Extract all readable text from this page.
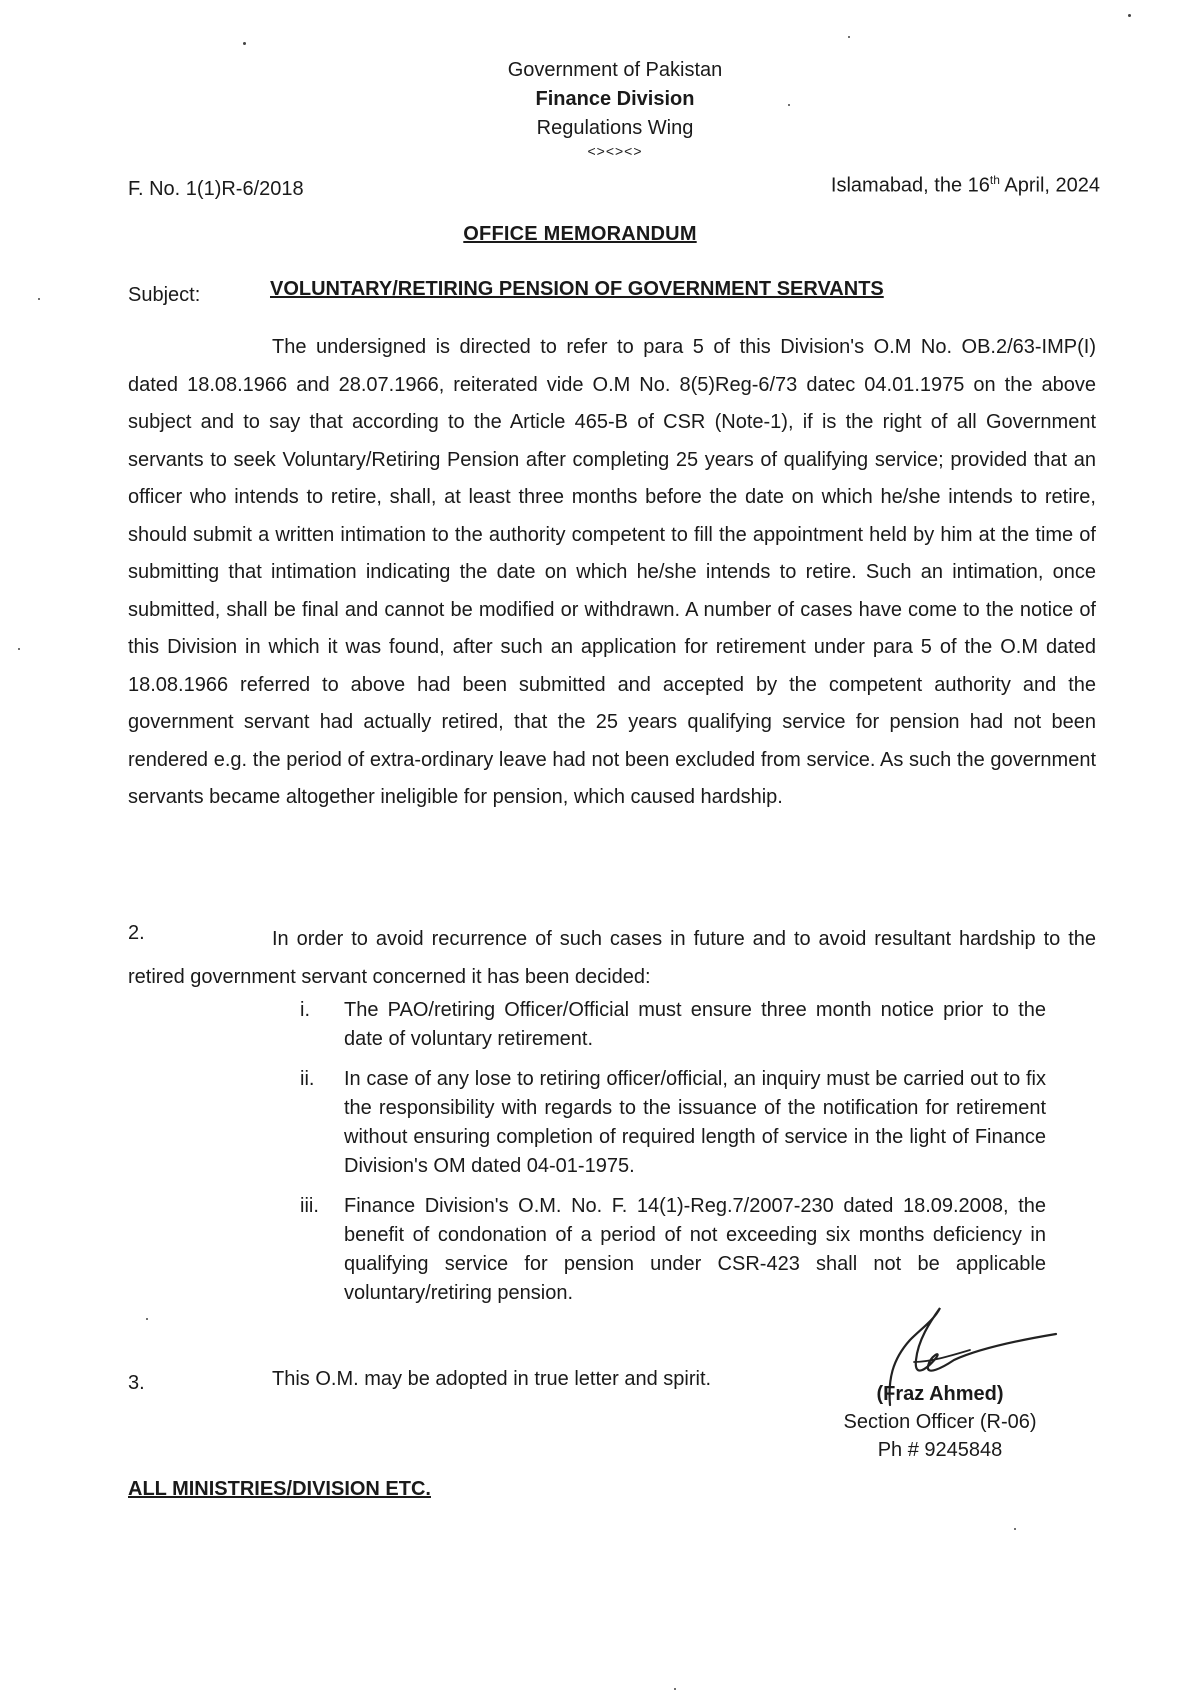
Government of Pakistan
Finance Division
Regulations Wing
<><><>
F. No. 1(1)R-6/2018	Islamabad, the 16th April, 2024
OFFICE MEMORANDUM
Subject:	VOLUNTARY/RETIRING PENSION OF GOVERNMENT SERVANTS
The undersigned is directed to refer to para 5 of this Division's O.M No. OB.2/63-IMP(I) dated 18.08.1966 and 28.07.1966, reiterated vide O.M No. 8(5)Reg-6/73 datec 04.01.1975 on the above subject and to say that according to the Article 465-B of CSR (Note-1), if is the right of all Government servants to seek Voluntary/Retiring Pension after completing 25 years of qualifying service; provided that an officer who intends to retire, shall, at least three months before the date on which he/she intends to retire, should submit a written intimation to the authority competent to fill the appointment held by him at the time of submitting that intimation indicating the date on which he/she intends to retire. Such an intimation, once submitted, shall be final and cannot be modified or withdrawn. A number of cases have come to the notice of this Division in which it was found, after such an application for retirement under para 5 of the O.M dated 18.08.1966 referred to above had been submitted and accepted by the competent authority and the government servant had actually retired, that the 25 years qualifying service for pension had not been rendered e.g. the period of extra-ordinary leave had not been excluded from service. As such the government servants became altogether ineligible for pension, which caused hardship.
2.	In order to avoid recurrence of such cases in future and to avoid resultant hardship to the retired government servant concerned it has been decided:
i. The PAO/retiring Officer/Official must ensure three month notice prior to the date of voluntary retirement.
ii. In case of any lose to retiring officer/official, an inquiry must be carried out to fix the responsibility with regards to the issuance of the notification for retirement without ensuring completion of required length of service in the light of Finance Division's OM dated 04-01-1975.
iii. Finance Division's O.M. No. F. 14(1)-Reg.7/2007-230 dated 18.09.2008, the benefit of condonation of a period of not exceeding six months deficiency in qualifying service for pension under CSR-423 shall not be applicable voluntary/retiring pension.
3.	This O.M. may be adopted in true letter and spirit.
(Fraz Ahmed)
Section Officer (R-06)
Ph # 9245848
ALL MINISTRIES/DIVISION ETC.
